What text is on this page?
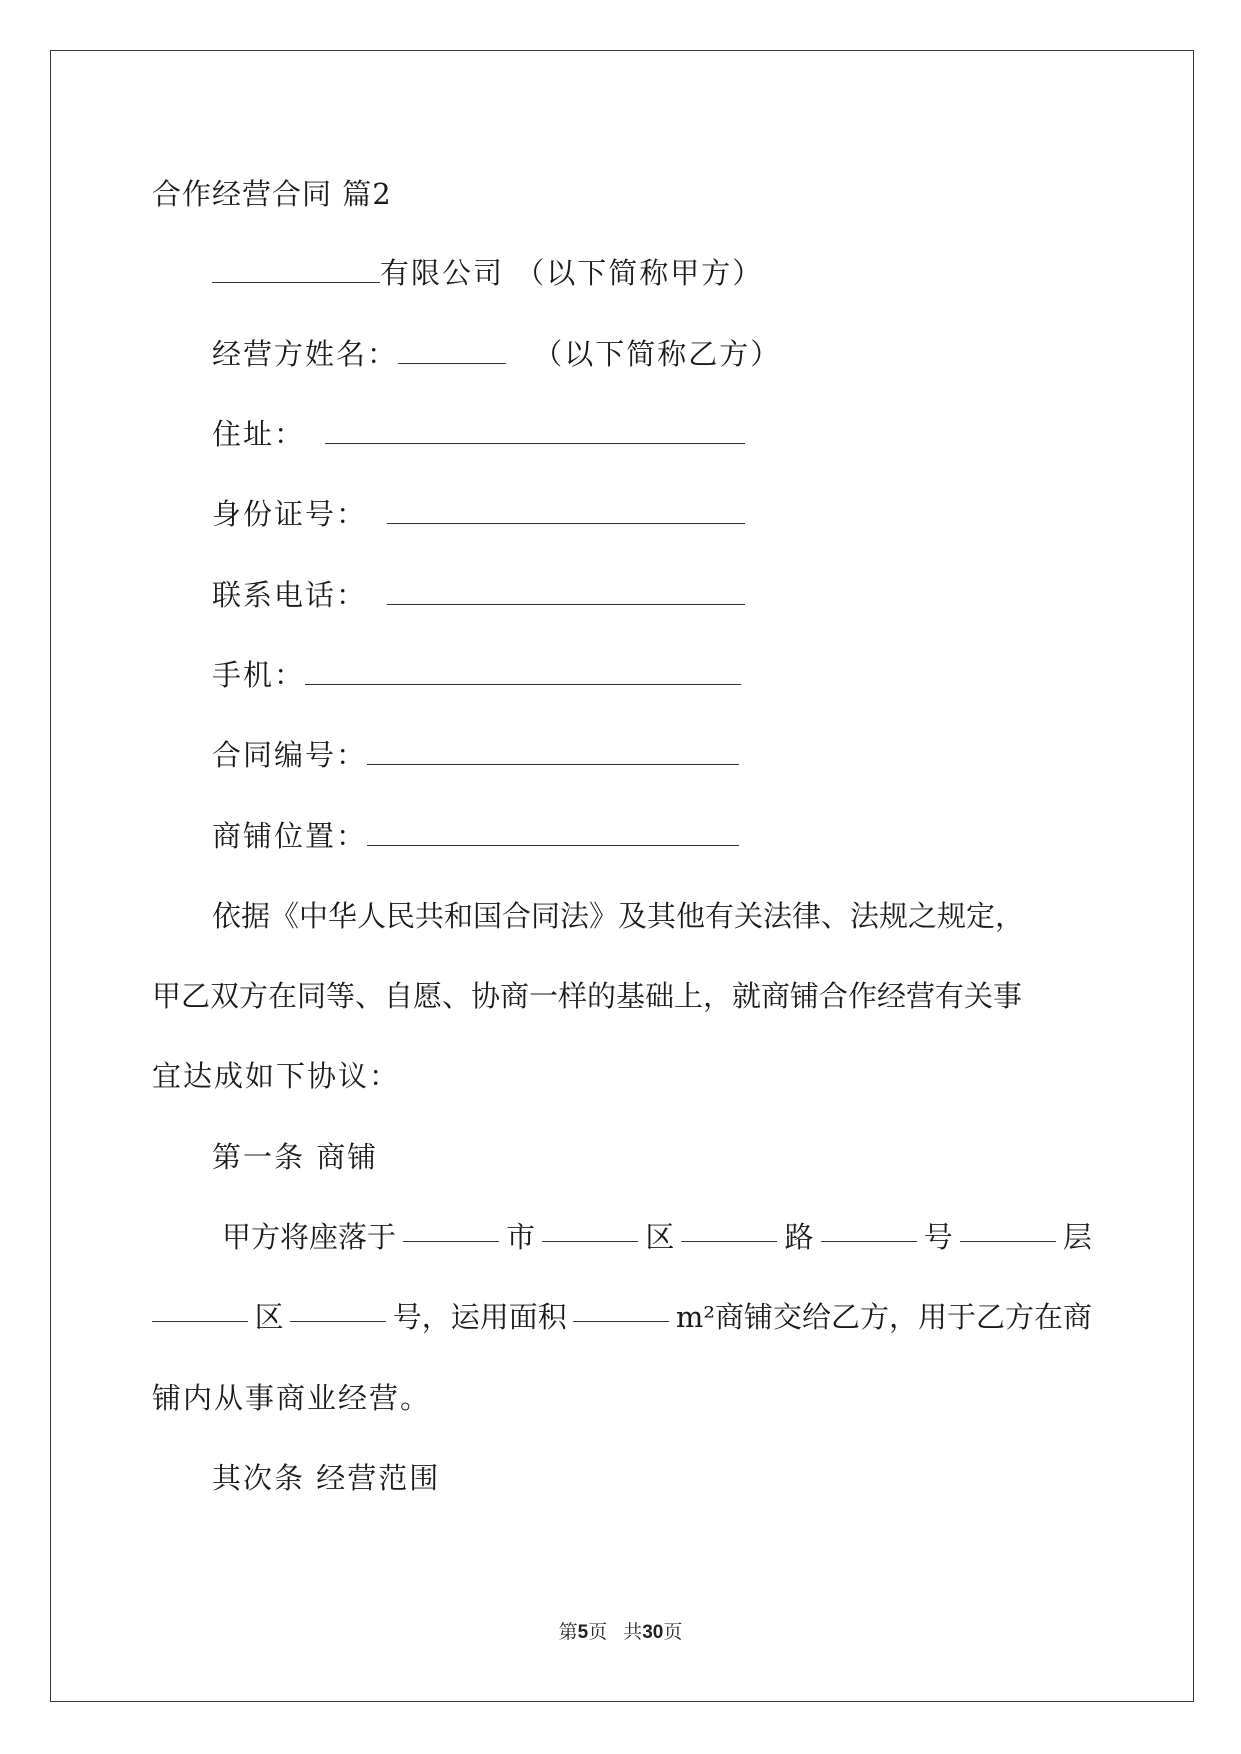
合作经营合同 篇2
有限公司 （以下简称甲方）
经营方姓名：	（以下简称乙方）
住址：
身份证号：
联系电话：
手机：
合同编号：
商铺位置：
依据《中华人民共和国合同法》及其他有关法律、法规之规定，
甲乙双方在同等、自愿、协商一样的基础上，就商铺合作经营有关事
宜达成如下协议：
第一条 商铺
甲方将座落于	市	区	路	号	层
区	号，运用面积	m²商铺交给乙方，用于乙方在商
铺内从事商业经营。
其次条 经营范围
第5页 共30页
